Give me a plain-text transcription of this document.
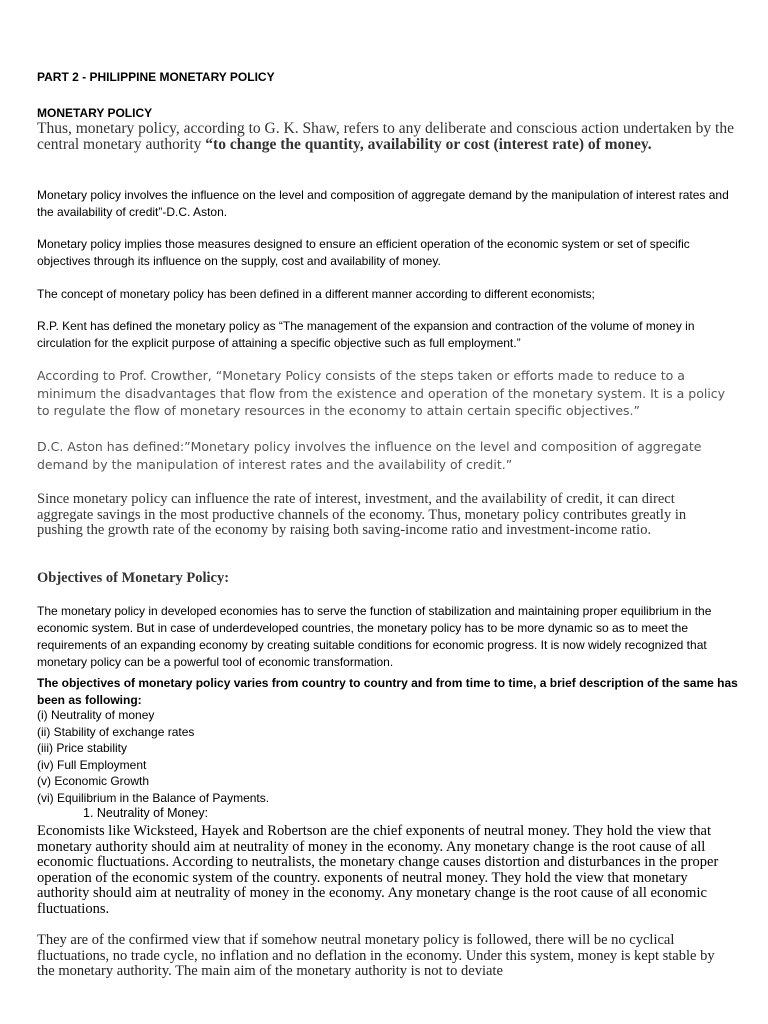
PART 2 - PHILIPPINE MONETARY POLICY

MONETARY POLICY

Thus, monetary policy, according to G. K. Shaw, refers to any deliberate and conscious action undertaken by the central monetary authority “to change the quantity, availability or cost (interest rate) of money.

Monetary policy involves the influence on the level and composition of aggregate demand by the manipulation of interest rates and the availability of credit”-D.C. Aston.

Monetary policy implies those measures designed to ensure an efficient operation of the economic system or set of specific objectives through its influence on the supply, cost and availability of money.

The concept of monetary policy has been defined in a different manner according to different economists;

R.P. Kent has defined the monetary policy as “The management of the expansion and contraction of the volume of money in circulation for the explicit purpose of attaining a specific objective such as full employment.”

According to Prof. Crowther, “Monetary Policy consists of the steps taken or efforts made to reduce to a minimum the disadvantages that flow from the existence and operation of the monetary system. It is a policy to regulate the flow of monetary resources in the economy to attain certain specific objectives.”

D.C. Aston has defined:”Monetary policy involves the influence on the level and composition of aggregate demand by the manipulation of interest rates and the availability of credit.”

Since monetary policy can influence the rate of interest, investment, and the availability of credit, it can direct aggregate savings in the most productive channels of the economy. Thus, monetary policy contributes greatly in pushing the growth rate of the economy by raising both saving-income ratio and investment-income ratio.

Objectives of Monetary Policy:

The monetary policy in developed economies has to serve the function of stabilization and maintaining proper equilibrium in the economic system. But in case of underdeveloped countries, the monetary policy has to be more dynamic so as to meet the requirements of an expanding economy by creating suitable conditions for economic progress. It is now widely recognized that monetary policy can be a powerful tool of economic transformation.

The objectives of monetary policy varies from country to country and from time to time, a brief description of the same has been as following:

(i) Neutrality of money
(ii) Stability of exchange rates
(iii) Price stability
(iv) Full Employment
(v) Economic Growth
(vi) Equilibrium in the Balance of Payments.

1. Neutrality of Money:

Economists like Wicksteed, Hayek and Robertson are the chief exponents of neutral money. They hold the view that monetary authority should aim at neutrality of money in the economy. Any monetary change is the root cause of all economic fluctuations. According to neutralists, the monetary change causes distortion and disturbances in the proper operation of the economic system of the country. exponents of neutral money. They hold the view that monetary authority should aim at neutrality of money in the economy. Any monetary change is the root cause of all economic fluctuations.

They are of the confirmed view that if somehow neutral monetary policy is followed, there will be no cyclical fluctuations, no trade cycle, no inflation and no deflation in the economy. Under this system, money is kept stable by the monetary authority. The main aim of the monetary authority is not to deviate
